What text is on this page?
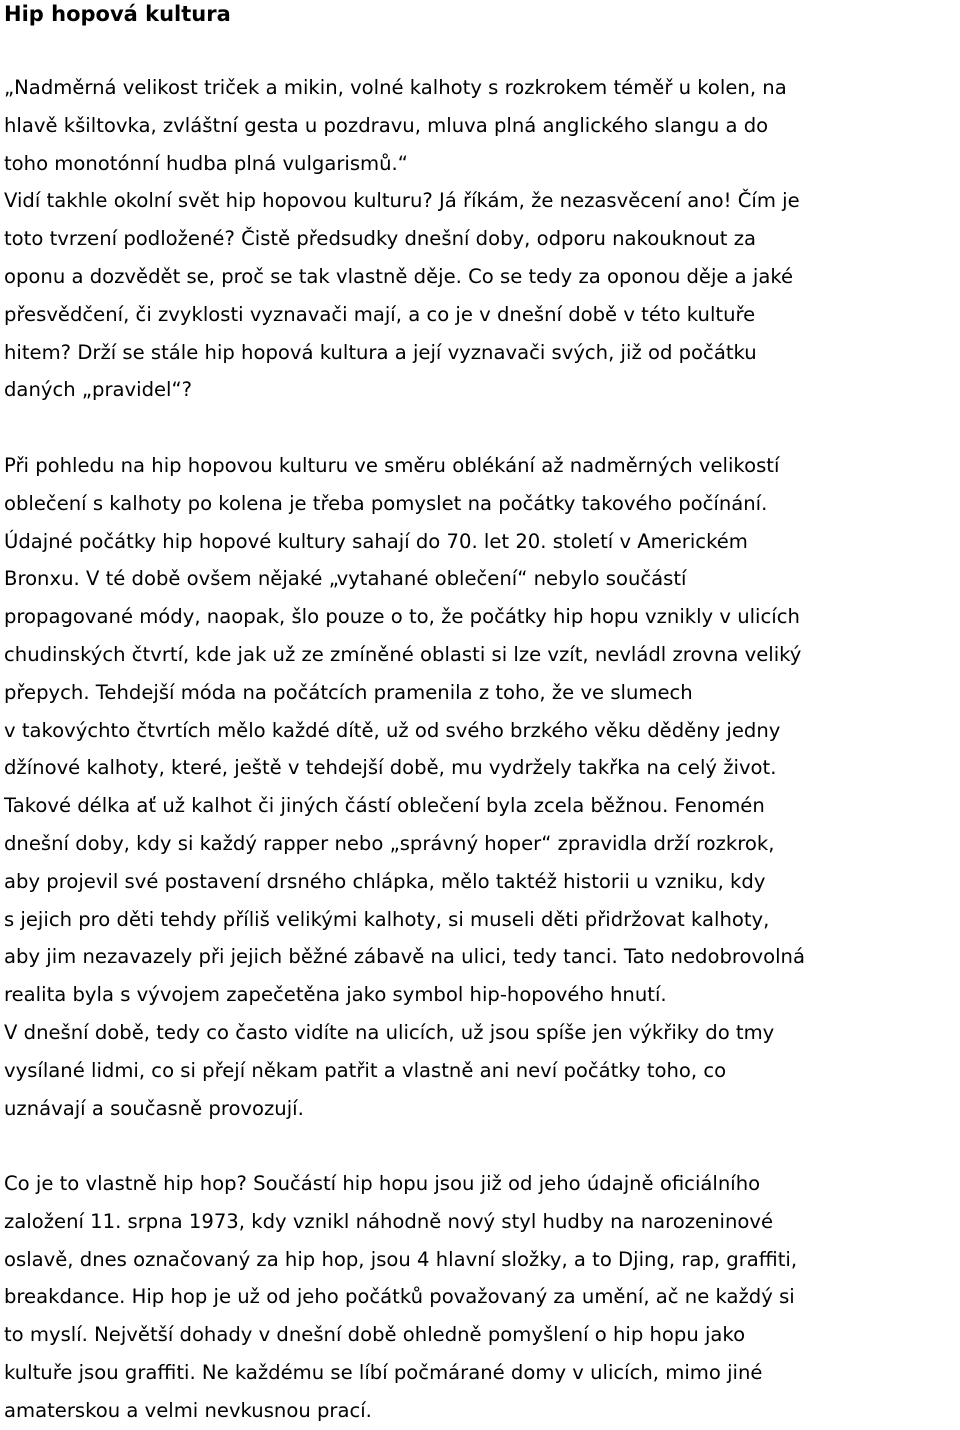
Hip hopová kultura

„Nadměrná velikost triček a mikin, volné kalhoty s rozkrokem téměř u kolen, na
hlavě kšiltovka, zvláštní gesta u pozdravu, mluva plná anglického slangu a do
toho monotónní hudba plná vulgarismů.“
Vidí takhle okolní svět hip hopovou kulturu? Já říkám, že nezasvěcení ano! Čím je
toto tvrzení podložené? Čistě předsudky dnešní doby, odporu nakouknout za
oponu a dozvědět se, proč se tak vlastně děje. Co se tedy za oponou děje a jaké
přesvědčení, či zvyklosti vyznavači mají, a co je v dnešní době v této kultuře
hitem? Drží se stále hip hopová kultura a její vyznavači svých, již od počátku
daných „pravidel“?

Při pohledu na hip hopovou kulturu ve směru oblékání až nadměrných velikostí
oblečení s kalhoty po kolena je třeba pomyslet na počátky takového počínání.
Údajné počátky hip hopové kultury sahají do 70. let 20. století v Americkém
Bronxu. V té době ovšem nějaké „vytahané oblečení“ nebylo součástí
propagované módy, naopak, šlo pouze o to, že počátky hip hopu vznikly v ulicích
chudinských čtvrtí, kde jak už ze zmíněné oblasti si lze vzít, nevládl zrovna veliký
přepych. Tehdejší móda na počátcích pramenila z toho, že ve slumech
v takovýchto čtvrtích mělo každé dítě, už od svého brzkého věku děděny jedny
džínové kalhoty, které, ještě v tehdejší době, mu vydržely takřka na celý život.
Takové délka ať už kalhot či jiných částí oblečení byla zcela běžnou. Fenomén
dnešní doby, kdy si každý rapper nebo „správný hoper“ zpravidla drží rozkrok,
aby projevil své postavení drsného chlápka, mělo taktéž historii u vzniku, kdy
s jejich pro děti tehdy příliš velikými kalhoty, si museli děti přidržovat kalhoty,
aby jim nezavazely při jejich běžné zábavě na ulici, tedy tanci. Tato nedobrovolná
realita byla s vývojem zapečetěna jako symbol hip-hopového hnutí.
V dnešní době, tedy co často vidíte na ulicích, už jsou spíše jen výkřiky do tmy
vysílané lidmi, co si přejí někam patřit a vlastně ani neví počátky toho, co
uznávají a současně provozují.

Co je to vlastně hip hop? Součástí hip hopu jsou již od jeho údajně oficiálního
založení 11. srpna 1973, kdy vznikl náhodně nový styl hudby na narozeninové
oslavě, dnes označovaný za hip hop, jsou 4 hlavní složky, a to Djing, rap, graffiti,
breakdance. Hip hop je už od jeho počátků považovaný za umění, ač ne každý si
to myslí. Největší dohady v dnešní době ohledně pomyšlení o hip hopu jako
kultuře jsou graffiti. Ne každému se líbí počmárané domy v ulicích, mimo jiné
amaterskou a velmi nevkusnou prací.
